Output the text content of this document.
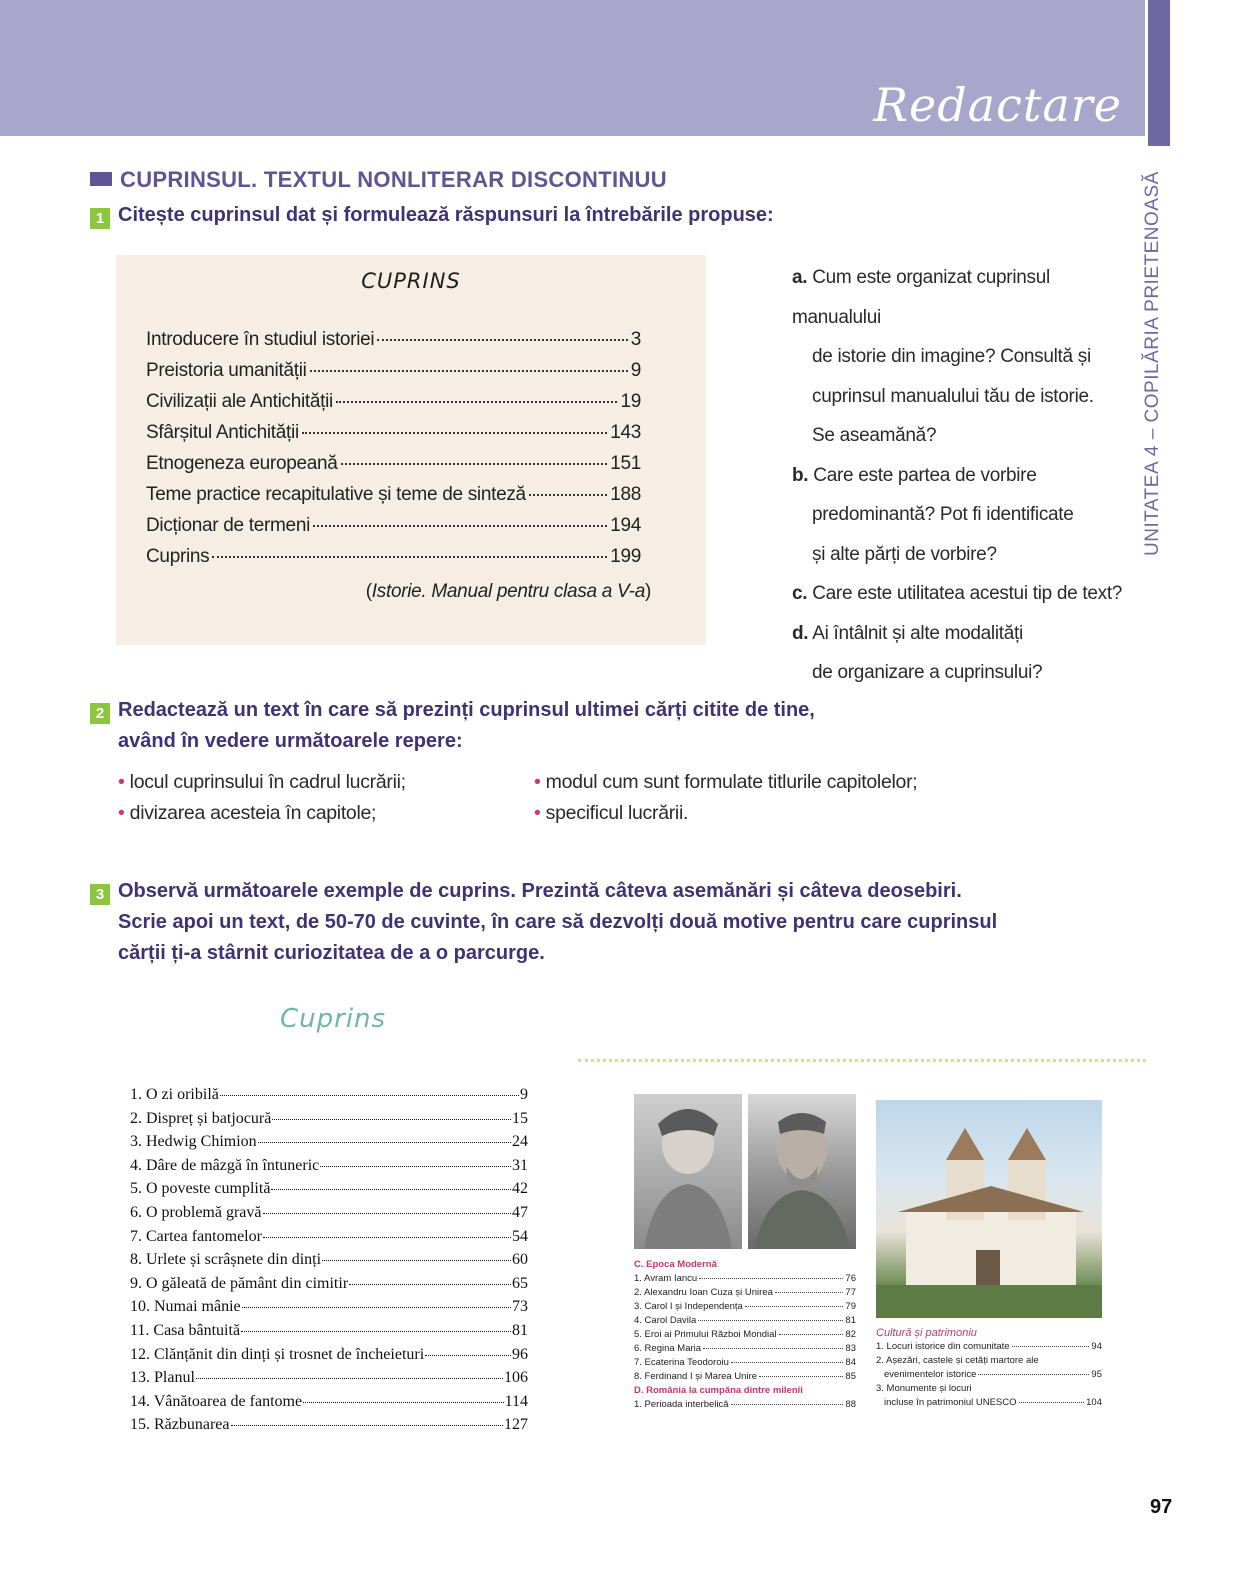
Redactare
UNITATEA 4 – COPILĂRIA PRIETENOASĂ
CUPRINSUL. TEXTUL NONLITERAR DISCONTINUU
1 Citește cuprinsul dat și formulează răspunsuri la întrebările propuse:
CUPRINS
Introducere în studiul istoriei	3
Preistoria umanității	9
Civilizații ale Antichității	19
Sfârșitul Antichității	143
Etnogeneza europeană	151
Teme practice recapitulative și teme de sinteză	188
Dicționar de termeni	194
Cuprins	199
(Istorie. Manual pentru clasa a V-a)
a. Cum este organizat cuprinsul manualului
de istorie din imagine? Consultă și
cuprinsul manualului tău de istorie.
Se aseamănă?
b. Care este partea de vorbire
predominantă? Pot fi identificate
și alte părți de vorbire?
c. Care este utilitatea acestui tip de text?
d. Ai întâlnit și alte modalități
de organizare a cuprinsului?
2 Redactează un text în care să prezinți cuprinsul ultimei cărți citite de tine,
având în vedere următoarele repere:
• locul cuprinsului în cadrul lucrării;
• divizarea acesteia în capitole;
• modul cum sunt formulate titlurile capitolelor;
• specificul lucrării.
3 Observă următoarele exemple de cuprins. Prezintă câteva asemănări și câteva deosebiri.
Scrie apoi un text, de 50-70 de cuvinte, în care să dezvolți două motive pentru care cuprinsul
cărții ți-a stârnit curiozitatea de a o parcurge.
Cuprins
1. O zi oribilă	9
2. Dispreț și batjocură	15
3. Hedwig Chimion	24
4. Dâre de mâzgă în întuneric	31
5. O poveste cumplită	42
6. O problemă gravă	47
7. Cartea fantomelor	54
8. Urlete și scrâșnete din dinți	60
9. O găleată de pământ din cimitir	65
10. Numai mânie	73
11. Casa bântuită	81
12. Clănțănit din dinți și trosnet de încheieturi	96
13. Planul	106
14. Vânătoarea de fantome	114
15. Răzbunarea	127
C. Epoca Modernă
1. Avram Iancu	76
2. Alexandru Ioan Cuza și Unirea	77
3. Carol I și Independența	79
4. Carol Davila	81
5. Eroi ai Primului Război Mondial	82
6. Regina Maria	83
7. Ecaterina Teodoroiu	84
8. Ferdinand I și Marea Unire	85
D. România la cumpăna dintre milenii
1. Perioada interbelică	88
Cultură și patrimoniu
1. Locuri istorice din comunitate	94
2. Așezări, castele și cetăți martore ale
evenimentelor istorice	95
3. Monumente și locuri
incluse în patrimoniul UNESCO	104
97
